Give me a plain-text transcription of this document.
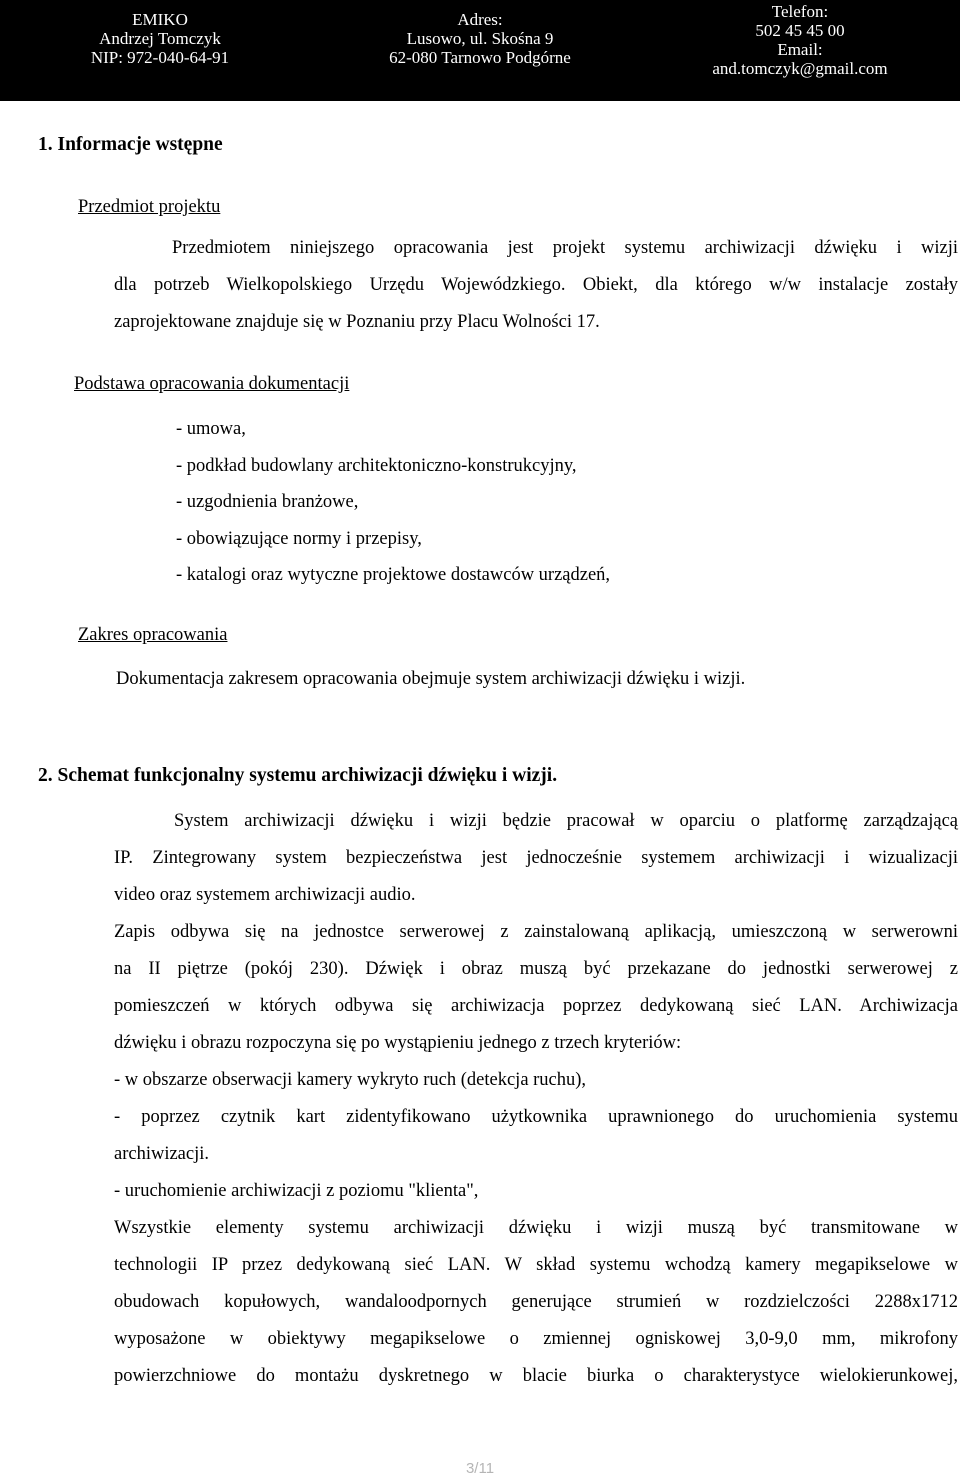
EMIKO
Andrzej Tomczyk
NIP: 972-040-64-91
Adres:
Lusowo, ul. Skośna 9
62-080 Tarnowo Podgórne
Telefon:
502 45 45 00
Email:
and.tomczyk@gmail.com
1. Informacje wstępne
Przedmiot projektu
Przedmiotem niniejszego opracowania jest projekt systemu archiwizacji dźwięku i wizji
dla potrzeb Wielkopolskiego Urzędu Wojewódzkiego. Obiekt, dla którego w/w instalacje zostały
zaprojektowane znajduje się w Poznaniu przy Placu Wolności 17.
Podstawa opracowania dokumentacji
- umowa,
- podkład budowlany architektoniczno-konstrukcyjny,
- uzgodnienia branżowe,
- obowiązujące normy i przepisy,
- katalogi oraz wytyczne projektowe dostawców urządzeń,
Zakres opracowania
Dokumentacja zakresem opracowania obejmuje system archiwizacji dźwięku i wizji.
2. Schemat funkcjonalny systemu archiwizacji dźwięku i wizji.
System archiwizacji dźwięku i wizji będzie pracował w oparciu o platformę zarządzającą
IP. Zintegrowany system bezpieczeństwa jest jednocześnie systemem archiwizacji i wizualizacji
video oraz systemem archiwizacji audio.
Zapis odbywa się na jednostce serwerowej z zainstalowaną aplikacją, umieszczoną w serwerowni
na II piętrze (pokój 230). Dźwięk i obraz muszą być przekazane do jednostki serwerowej z
pomieszczeń w których odbywa się archiwizacja poprzez dedykowaną sieć LAN. Archiwizacja
dźwięku i obrazu rozpoczyna się po wystąpieniu jednego z trzech kryteriów:
- w obszarze obserwacji kamery wykryto ruch (detekcja ruchu),
- poprzez czytnik kart zidentyfikowano użytkownika uprawnionego do uruchomienia systemu
archiwizacji.
- uruchomienie archiwizacji z poziomu "klienta",
Wszystkie elementy systemu archiwizacji dźwięku i wizji muszą być transmitowane w
technologii IP przez dedykowaną sieć LAN. W skład systemu wchodzą kamery megapikselowe w
obudowach kopułowych, wandaloodpornych generujące strumień w rozdzielczości 2288x1712
wyposażone w obiektywy megapikselowe o zmiennej ogniskowej 3,0-9,0 mm, mikrofony
powierzchniowe do montażu dyskretnego w blacie biurka o charakterystyce wielokierunkowej,
3/11
